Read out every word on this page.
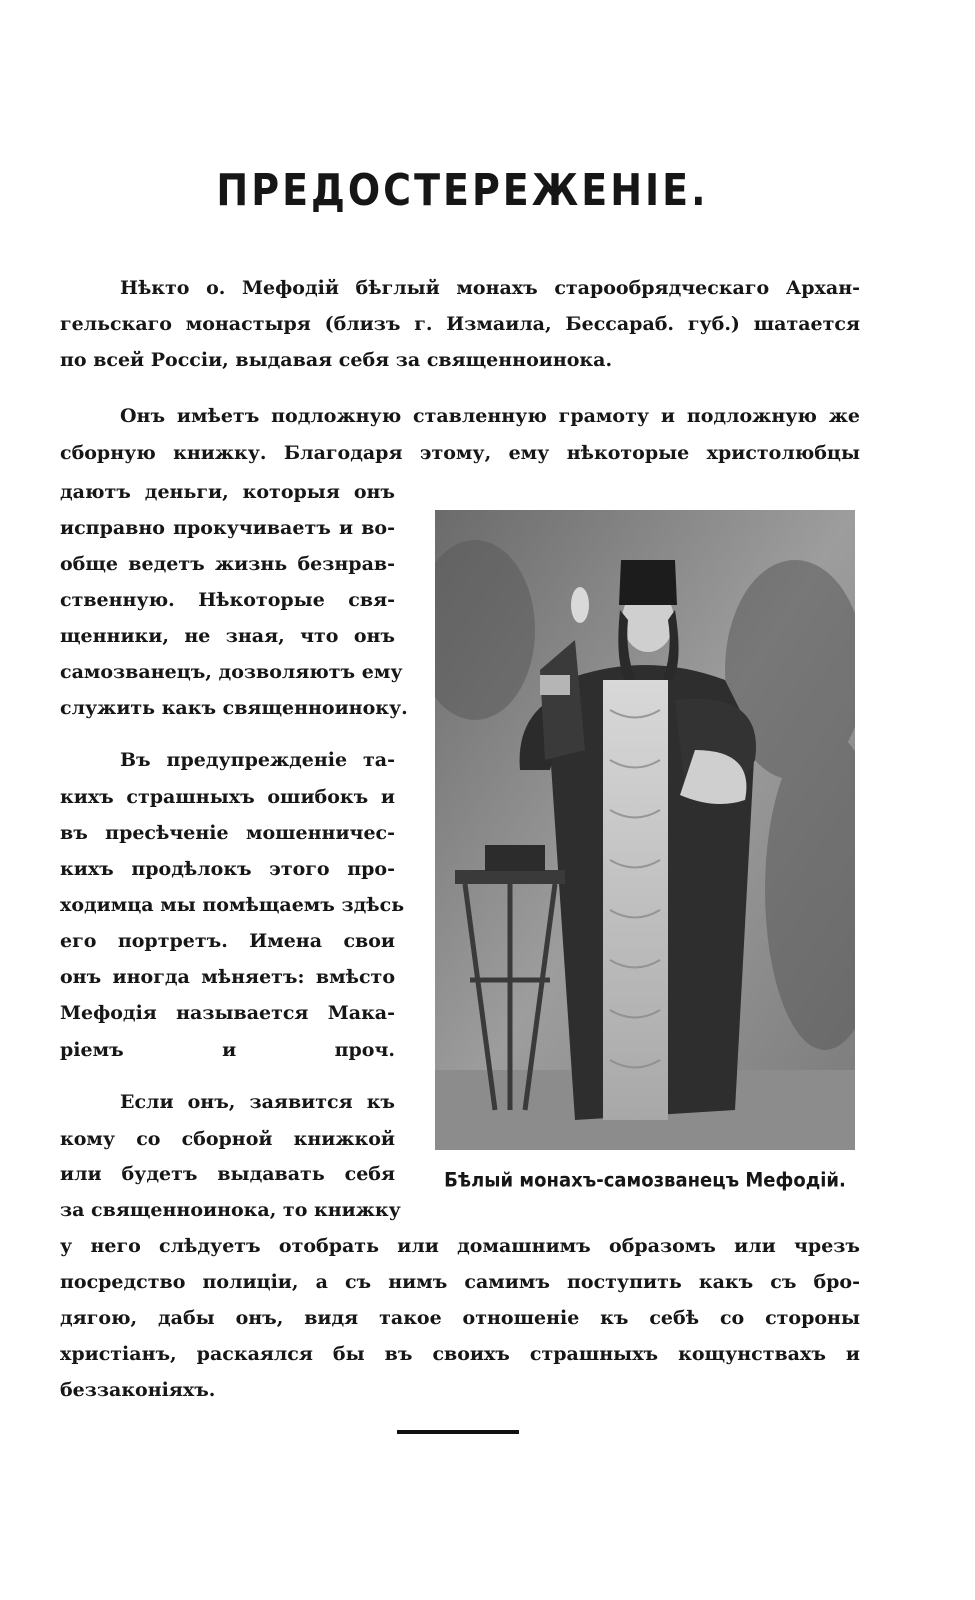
ПРЕДОСТЕРЕЖЕНІЕ.
Нѣкто о. Мефодій бѣглый монахъ старообрядческаго Архан-
гельскаго монастыря (близъ г. Измаила, Бессараб. губ.) шатается
по всей Россіи, выдавая себя за священноинока.
Онъ имѣетъ подложную ставленную грамоту и подложную же
сборную книжку. Благодаря этому, ему нѣкоторые христолюбцы
даютъ деньги, которыя онъ
исправно прокучиваетъ и во-
обще ведетъ жизнь безнрав-
ственную. Нѣкоторые свя-
щенники, не зная, что онъ
самозванецъ, дозволяютъ ему
служить какъ священноиноку.
Въ предупрежденіе та-
кихъ страшныхъ ошибокъ и
въ пресѣченіе мошенничес-
кихъ продѣлокъ этого про-
ходимца мы помѣщаемъ здѣсь
его портретъ. Имена свои
онъ иногда мѣняетъ: вмѣсто
Мефодія называется Мака-
ріемъ и проч.
Если онъ, заявится къ
кому со сборной книжкой
или будетъ выдавать себя
за священноинока, то книжку
у него слѣдуетъ отобрать или домашнимъ образомъ или чрезъ
посредство полиціи, а съ нимъ самимъ поступить какъ съ бро-
дягою, дабы онъ, видя такое отношеніе къ себѣ со стороны
христіанъ, раскаялся бы въ своихъ страшныхъ кощунствахъ и
беззаконіяхъ.
Бѣлый монахъ-самозванецъ Мефодій.
